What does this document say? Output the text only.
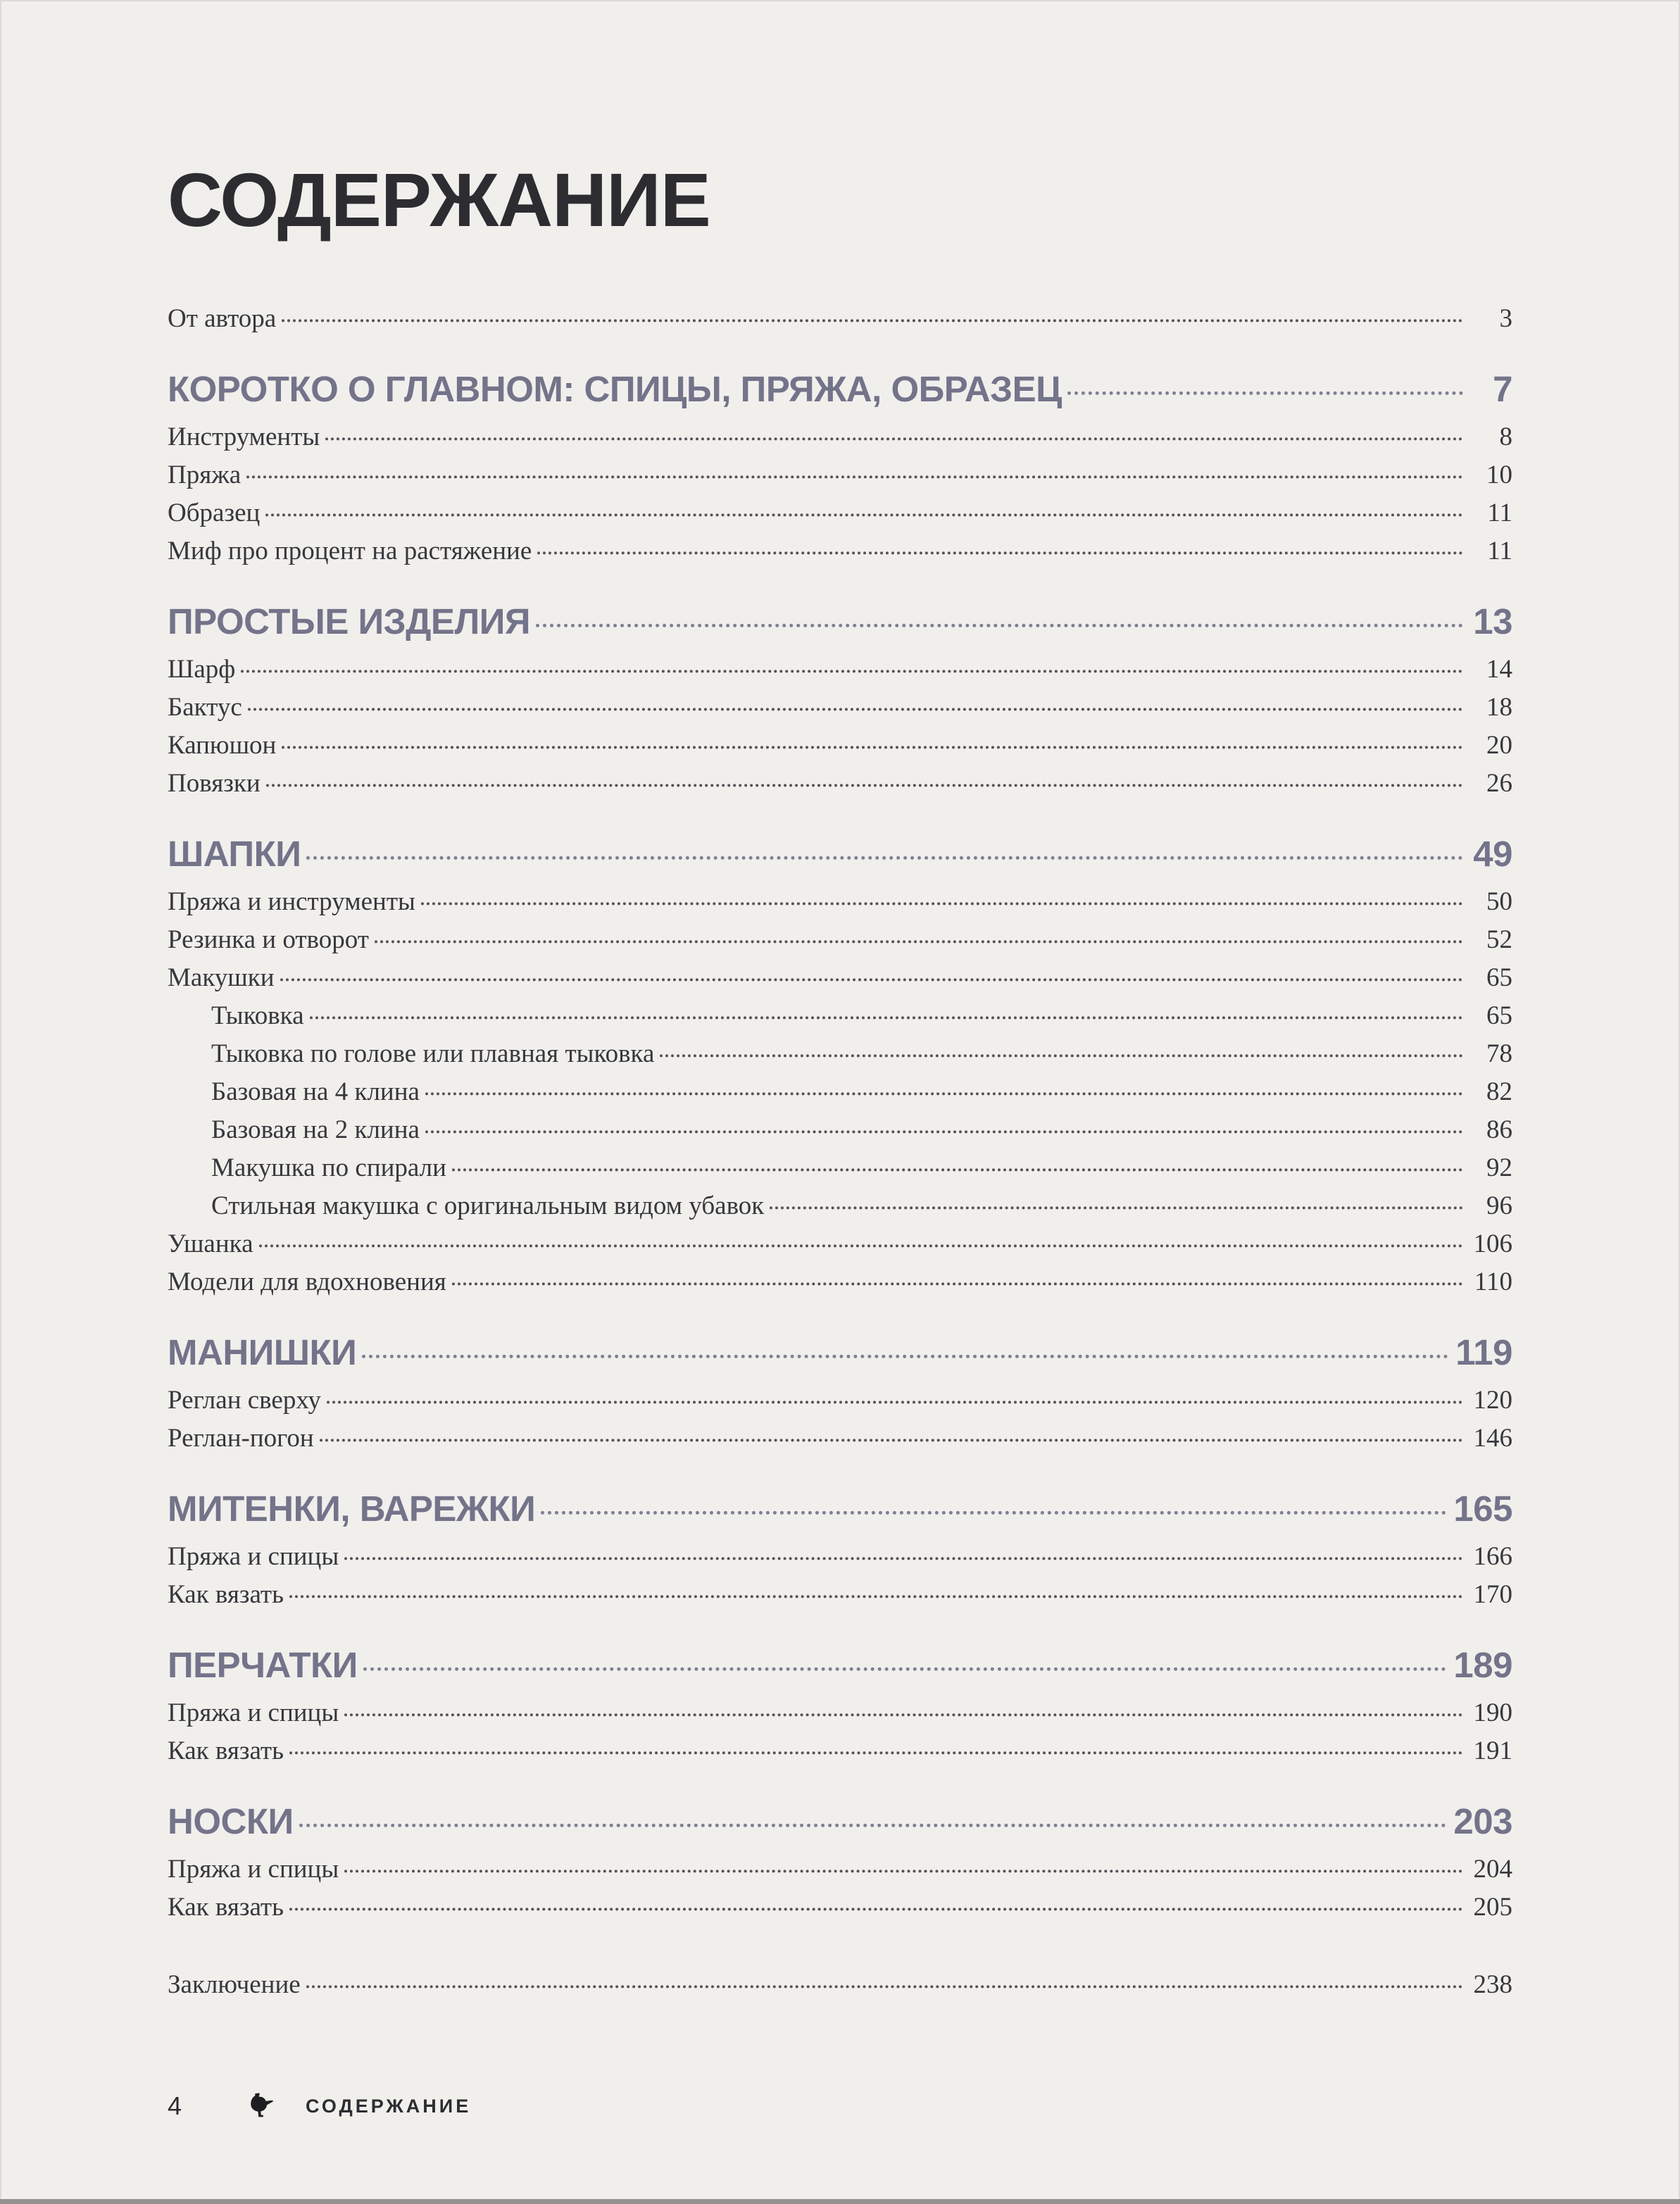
СОДЕРЖАНИЕ
От автора	3
КОРОТКО О ГЛАВНОМ: СПИЦЫ, ПРЯЖА, ОБРАЗЕЦ	7
Инструменты	8
Пряжа	10
Образец	11
Миф про процент на растяжение	11
ПРОСТЫЕ ИЗДЕЛИЯ	13
Шарф	14
Бактус	18
Капюшон	20
Повязки	26
ШАПКИ	49
Пряжа и инструменты	50
Резинка и отворот	52
Макушки	65
Тыковка	65
Тыковка по голове или плавная тыковка	78
Базовая на 4 клина	82
Базовая на 2 клина	86
Макушка по спирали	92
Стильная макушка с оригинальным видом убавок	96
Ушанка	106
Модели для вдохновения	110
МАНИШКИ	119
Реглан сверху	120
Реглан-погон	146
МИТЕНКИ, ВАРЕЖКИ	165
Пряжа и спицы	166
Как вязать	170
ПЕРЧАТКИ	189
Пряжа и спицы	190
Как вязать	191
НОСКИ	203
Пряжа и спицы	204
Как вязать	205
Заключение	238
4	СОДЕРЖАНИЕ
